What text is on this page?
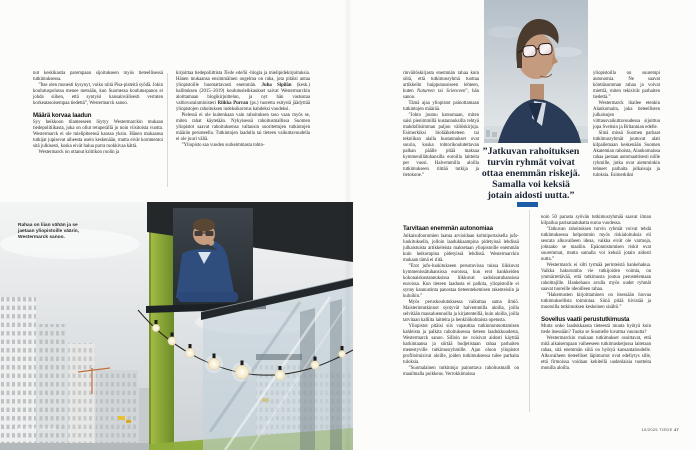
nut keskikastia parempaan sijoitukseen myös tieteellisessä tutkimuksessa.

”Itse olen monesti kysynyt, voiko niitä Pisa-pisteitä syödä. Jokin koulutuspolussa menee metsään, kun Suomessa koulutuspanos ei johda siihen, että syntyisi kansainvälisesti verraten korkeatasoisempaa tiedettä”, Westermarck sanoo.

Määrä korvaa laadun

Syy heikkoon tilanteeseen löytyy Westermarckin mukaan tiedepolitiikasta, joka on ollut retuperällä jo noin viisitoista vuotta. Westermarck ei ole mielipiteensä kanssa yksin. Hänen mukaansa tutkijat jupisevat aiheesta usein keskenään, mutta eivät kommentoi sitä julkisesti, koska eivät halua purra ruokkivaa kättä.

Westermarck on ottanut kriitikon roolin ja

kirjoittaa tiedepoliittista Tiede edellä -blogia ja mielipidekirjoituksia. Hänen mukaansa ensimmäinen ongelma on raha, jota pitäisi antaa yliopistoille huomattavasti enemmän. Juha Sipilän (kesk.) hallituksen (2015–2019) koulutusleikkaukset saivat Westermarckin aloittamaan blogikirjoittelun, ja nyt hän vastustaa valtiovarainministeri Riikka Purran (ps.) tuoretta esitystä jäädyttää yliopistojen rahoituksen indeksikorotus kahdeksi vuodeksi.

Pielessä ei ole kuitenkaan vain rahoituksen taso vaan myös se, miten rahat käytetään. Nykyisessä rahoitusmallissa Suomen yliopistot saavat rahoituksensa valtaosin suoritettujen tutkintojen määrän perusteella. Tutkintojen laadulla tai tieteen vaikuttavuudella ei ole juuri väliä.

”Yliopisto saa vuoden surkeimmasta tohto-

Rahaa on liian vähän ja se jaetaan yliopistoille väärin, Westermarck sanoo.
46 TIEDE 10/2025

rinväitöskirjasta enemmän rahaa kuin siitä, että tutkimusryhmä tuottaa artikkelin huipputasoiseen lehteen, kuten Natureen tai Scienceen”, hän sanoo.

Tämä ajaa yliopistot painottamaan tutkintojen määrää.

”Johto joutuu katsomaan, miten saisi pienimmillä kustannuksilla tehtyä mahdollisimman paljon väitöskirjoja. Esimerkiksi biolääketieteen tai tekniikan alalla kustannukset ovat suuria, koska tohtorikoulutettavan palkan päälle pitää maksaa kymmenillätuhansilla euroilla laitteita per vuosi. Halvemmilla aloilla tutkimukseen riittää tutkija ja tietokone.”

yliopistoilla on suurempi autonomia. Ne saavat könttäsumman rahaa ja voivat miettiä, miten tekisivät parhaiten tiedettä.”

Westermarck ihailee etenkin Alankomaita, joka tieteellisten julkaisujen viittausvaikuttavuudessa sijoittuu jopa Sveitsin ja Britannian edelle.

Siinä missä Suomen parhaat tutkimusryhmät joutuvat alati kilpailemaan keskenään Suomen Akatemian rahoista, Alankomaissa rahaa jaetaan automaattisesti niille ryhmille, jotka ovat aiemminkin tehneet parhaita julkaisuja ja tuloksia. Esimerkiksi

”Jatkuvan rahoituksen
turvin ryhmät voivat
ottaa enemmän riskejä.
Samalla voi keksiä
jotain aidosti uutta.”
Tarvitaan enemmän autonomiaa

Julkaisufoorumien laatua arvioidaan kolmiportaisella jufo-luokituksella, jolloin laadukkaampina pidetyissä lehdissä julkaistuista artikkeleista maksetaan yliopistoille enemmän kuin heikompina pidetyissä lehdissä. Westermarckin mukaan tämä ei riitä.

”Erot jufo-luokitukseen perustuvissa tuissa liikkuvat kymmenissätuhansissa euroissa, kun erot hankkeiden kokonaiskustannuksissa liikkuvat sadoissatuhansissa euroissa. Kun tieteen laadusta ei palkita, yliopistoille ei synny kannustinta panostaa tieteentekemisen rakenteisiin ja kuluihin.”

Myös peruskoulutuksessa vaikuttaa sama ilmiö. Maisterintutkinnot syntyvät halvemmilla aloilla, joilla selvitään massaluennoilla ja kirjatenteillä, kuin aloilla, joilla tarvitaan kalliita laitteita ja henkilökohtaista opetusta.

Yliopistot pitäisi siis vapauttaa tutkinnontuottamisen kahleista ja palkita rahoituksessa tieteen laadukkuudesta, Westermarck sanoo. Silloin ne voisivat aidosti käyttää harkintaansa ja siirtää budjetistaan rahaa parhaiten menestyville tutkimusryhmille. Ajan oloon yliopistot profiloituisivat aloille, joiden tutkimuksessa tulee parhaita tuloksia.

”Suomalainen tutkintoja painottava rahoitusmalli on maailmalla poikkeus. Verrokkimaissa

noin 50 parasta syövän tutkimusryhmää saavat ilman kilpailua parisataatuhatta euroa vuodessa.

”Jatkuvan rahoituksen turvin ryhmät voivat tehdä tutkimuksessa helpommin myös riskialoituksia eli seurata alkuvaiheen ideaa, vaikka eivät ole varmoja, johtaako se maaliin. Epäonnistumisen riskit ovat suuremmat, mutta samalla voi keksiä jotain aidosti uutta.”

Westermarck ei silti tyrmää perinteistä hankehakua. Vaikka hakurumba vie tutkijoiden voimia, on ymmärrettävää, että tutkimusta joutuu perustelemaan rahoittajille. Hankehaun avulla myös uudet ryhmät saavat tuoreille ideoilleen rahaa.

”Hakemusten kirjoittaminen on itsessään luovaa tutkimuksellista toimintaa. Siinä pitää tiivistää ja muotoilla tutkimuksen keskeinen sisältö.”

Sovellus vaatii perustutkimusta

Mutta onko laadukkaasta tieteestä muuta hyötyä kuin tiede itsessään? Tuoko se Suomelle luvattua vaurautta?

Westermarckin mukaan tutkimukset osoittavat, että mitä aikaisempaan vaiheeseen tutkimusketjussa laitetaan rahaa, sitä enemmän siitä on hyötyä kansantaloudelle. Alkuvaiheen tieteelliset läpimurrot ovat edellytys sille, että firmoissa voidaan kehitellä uudenlaisia tuotteita monilla aloilla.

10/2025 TIEDE 47
